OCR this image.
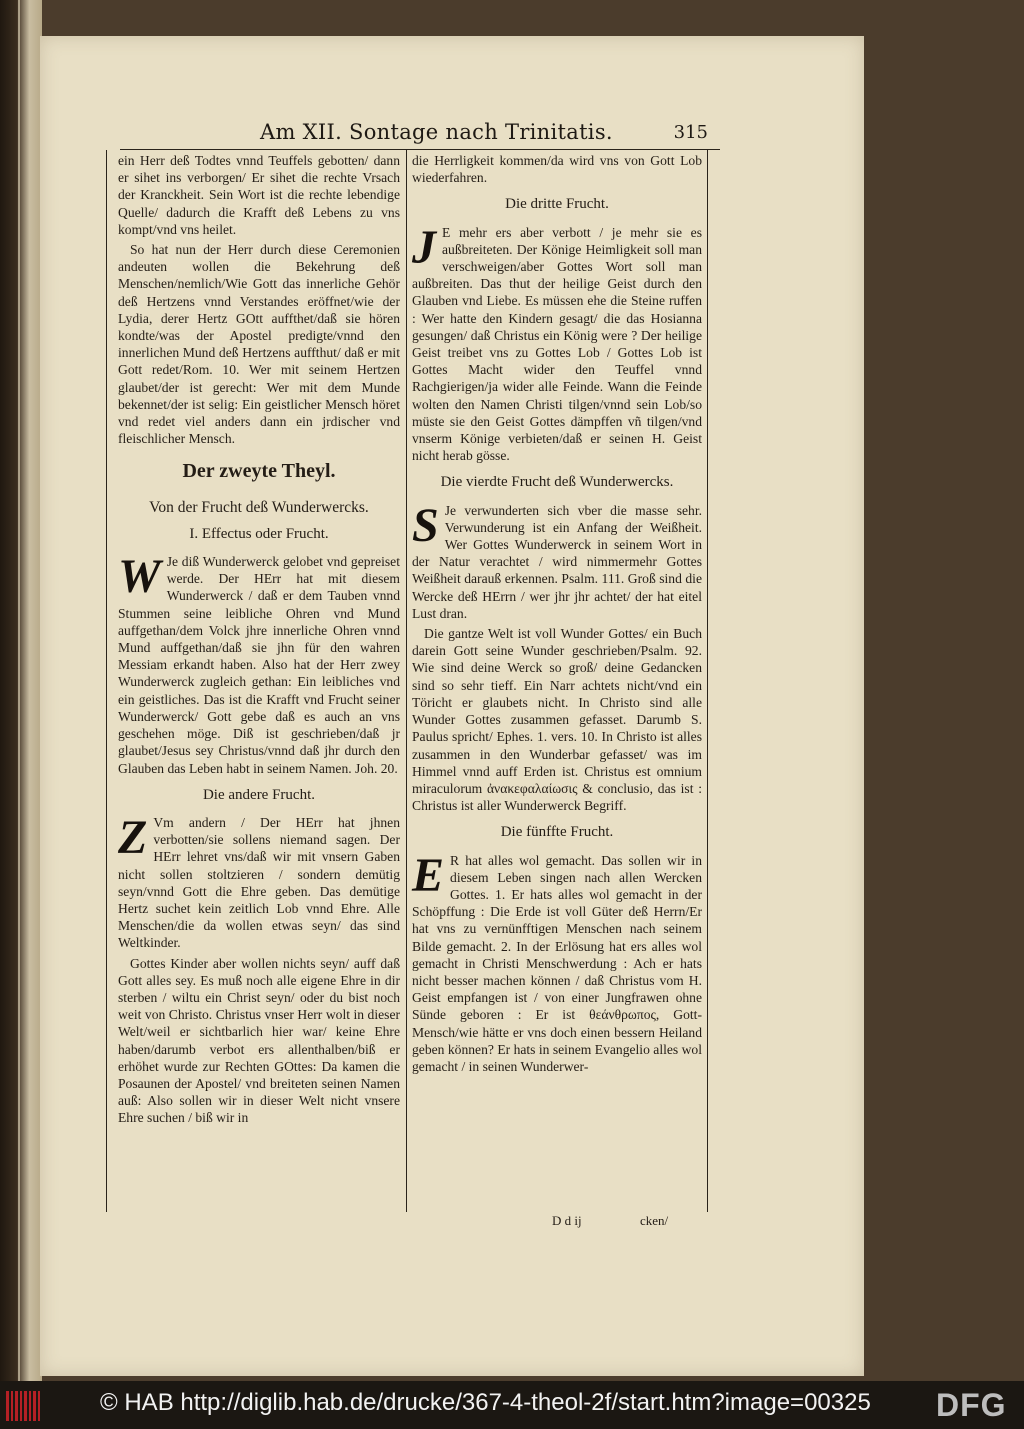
Am XII. Sontage nach Trinitatis.	315

ein Herr deß Todtes vnnd Teuffels gebotten/ dann er sihet ins verborgen/ Er sihet die rechte Vrsach der Kranckheit. Sein Wort ist die rechte lebendige Quelle/ dadurch die Krafft deß Lebens zu vns kompt/vnd vns heilet.

So hat nun der Herr durch diese Ceremonien andeuten wollen die Bekehrung deß Menschen/nemlich/Wie Gott das innerliche Gehör deß Hertzens vnnd Verstandes eröffnet/wie der Lydia, derer Hertz GOtt auffthet/daß sie hören kondte/was der Apostel predigte/vnnd den innerlichen Mund deß Hertzens auffthut/ daß er mit Gott redet/Rom. 10. Wer mit seinem Hertzen glaubet/der ist gerecht: Wer mit dem Munde bekennet/der ist selig: Ein geistlicher Mensch höret vnd redet viel anders dann ein jrdischer vnd fleischlicher Mensch.

Der zweyte Theyl.
Von der Frucht deß Wunderwercks.
I. Effectus oder Frucht.

W Je diß Wunderwerck gelobet vnd gepreiset werde. Der HErr hat mit diesem Wunderwerck / daß er dem Tauben vnnd Stummen seine leibliche Ohren vnd Mund auffgethan/dem Volck jhre innerliche Ohren vnnd Mund auffgethan/daß sie jhn für den wahren Messiam erkandt haben. Also hat der Herr zwey Wunderwerck zugleich gethan: Ein leibliches vnd ein geistliches. Das ist die Krafft vnd Frucht seiner Wunderwerck/ Gott gebe daß es auch an vns geschehen möge. Diß ist geschrieben/daß jr glaubet/Jesus sey Christus/vnnd daß jhr durch den Glauben das Leben habt in seinem Namen. Joh. 20.

Die andere Frucht.

Z Vm andern / Der HErr hat jhnen verbotten/sie sollens niemand sagen. Der HErr lehret vns/daß wir mit vnsern Gaben nicht sollen stoltzieren / sondern demütig seyn/vnnd Gott die Ehre geben. Das demütige Hertz suchet kein zeitlich Lob vnnd Ehre. Alle Menschen/die da wollen etwas seyn/ das sind Weltkinder.

Gottes Kinder aber wollen nichts seyn/ auff daß Gott alles sey. Es muß noch alle eigene Ehre in dir sterben / wiltu ein Christ seyn/ oder du bist noch weit von Christo. Christus vnser Herr wolt in dieser Welt/weil er sichtbarlich hier war/ keine Ehre haben/darumb verbot ers allenthalben/biß er erhöhet wurde zur Rechten GOttes: Da kamen die Posaunen der Apostel/ vnd breiteten seinen Namen auß: Also sollen wir in dieser Welt nicht vnsere Ehre suchen / biß wir in

die Herrligkeit kommen/da wird vns von Gott Lob wiederfahren.

Die dritte Frucht.

J E mehr ers aber verbott / je mehr sie es außbreiteten. Der Könige Heimligkeit soll man verschweigen/aber Gottes Wort soll man außbreiten. Das thut der heilige Geist durch den Glauben vnd Liebe. Es müssen ehe die Steine ruffen : Wer hatte den Kindern gesagt/ die das Hosianna gesungen/ daß Christus ein König were ? Der heilige Geist treibet vns zu Gottes Lob / Gottes Lob ist Gottes Macht wider den Teuffel vnnd Rachgierigen/ja wider alle Feinde. Wann die Feinde wolten den Namen Christi tilgen/vnnd sein Lob/so müste sie den Geist Gottes dämpffen vñ tilgen/vnd vnserm Könige verbieten/daß er seinen H. Geist nicht herab gösse.

Die vierdte Frucht deß Wunderwercks.

S Je verwunderten sich vber die masse sehr. Verwunderung ist ein Anfang der Weißheit. Wer Gottes Wunderwerck in seinem Wort in der Natur verachtet / wird nimmermehr Gottes Weißheit darauß erkennen. Psalm. 111. Groß sind die Wercke deß HErrn / wer jhr jhr achtet/ der hat eitel Lust dran.

Die gantze Welt ist voll Wunder Gottes/ ein Buch darein Gott seine Wunder geschrieben/Psalm. 92. Wie sind deine Werck so groß/ deine Gedancken sind so sehr tieff. Ein Narr achtets nicht/vnd ein Töricht er glaubets nicht. In Christo sind alle Wunder Gottes zusammen gefasset. Darumb S. Paulus spricht/ Ephes. 1. vers. 10. In Christo ist alles zusammen in den Wunderbar gefasset/ was im Himmel vnnd auff Erden ist. Christus est omnium miraculorum ἀνακεφαλαίωσις & conclusio, das ist : Christus ist aller Wunderwerck Begriff.

Die fünffte Frucht.

E R hat alles wol gemacht. Das sollen wir in diesem Leben singen nach allen Wercken Gottes. 1. Er hats alles wol gemacht in der Schöpffung : Die Erde ist voll Güter deß Herrn/Er hat vns zu vernünfftigen Menschen nach seinem Bilde gemacht. 2. In der Erlösung hat ers alles wol gemacht in Christi Menschwerdung : Ach er hats nicht besser machen können / daß Christus vom H. Geist empfangen ist / von einer Jungfrawen ohne Sünde geboren : Er ist θεάνθρωπος, Gott-Mensch/wie hätte er vns doch einen bessern Heiland geben können? Er hats in seinem Evangelio alles wol gemacht / in seinen Wunderwer-

D d ij	cken/
© HAB http://diglib.hab.de/drucke/367-4-theol-2f/start.htm?image=00325 DFG
